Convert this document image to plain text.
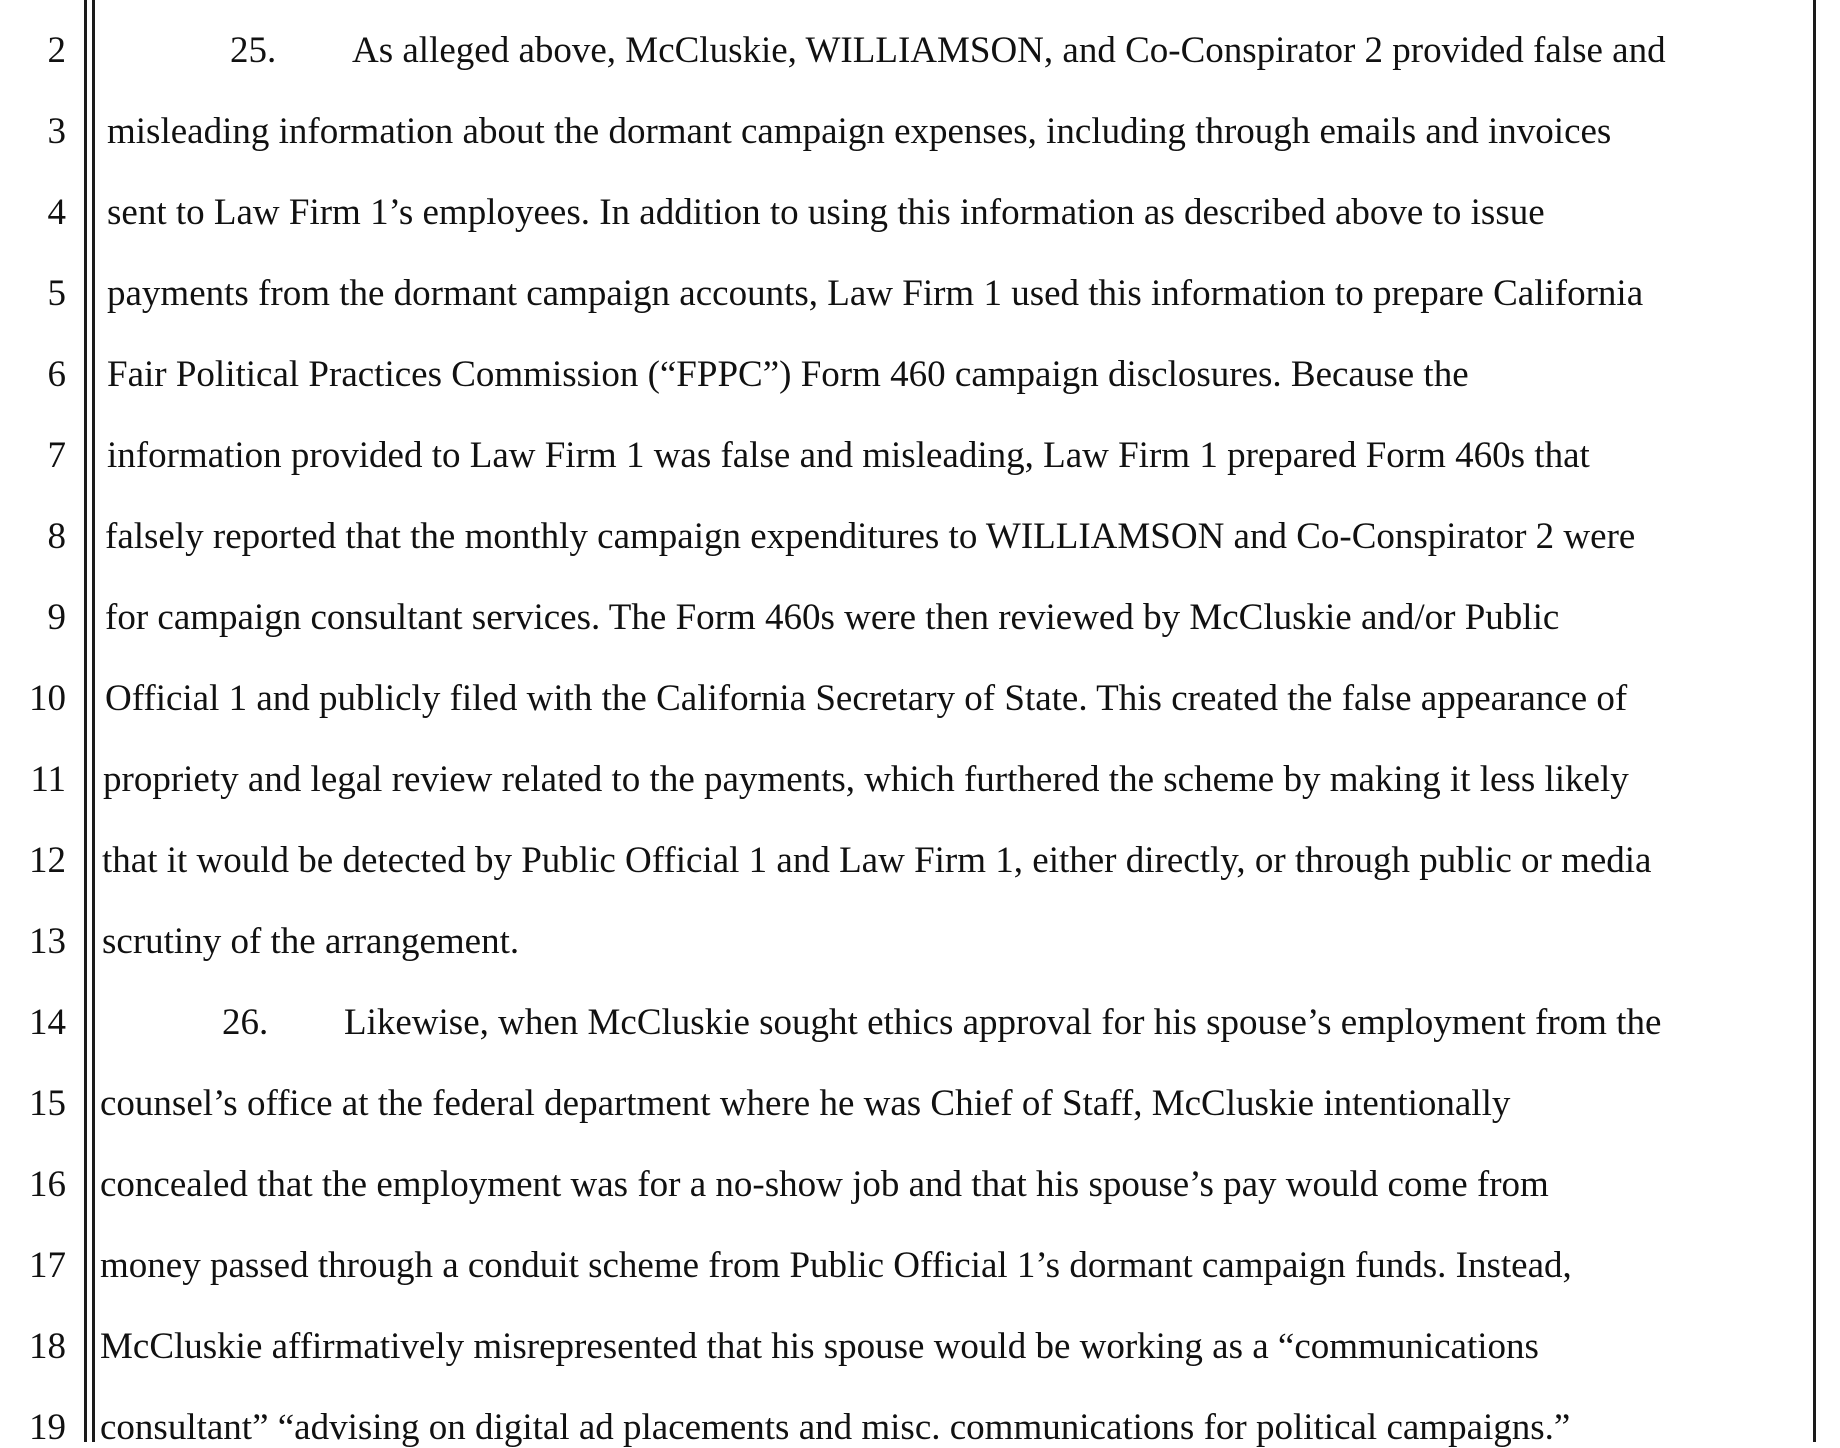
2
3
4
5
6
7
8
9
10
11
12
13
14
15
16
17
18
19
25. As alleged above, McCluskie, WILLIAMSON, and Co-Conspirator 2 provided false and
misleading information about the dormant campaign expenses, including through emails and invoices
sent to Law Firm 1’s employees. In addition to using this information as described above to issue
payments from the dormant campaign accounts, Law Firm 1 used this information to prepare California
Fair Political Practices Commission (“FPPC”) Form 460 campaign disclosures. Because the
information provided to Law Firm 1 was false and misleading, Law Firm 1 prepared Form 460s that
falsely reported that the monthly campaign expenditures to WILLIAMSON and Co-Conspirator 2 were
for campaign consultant services. The Form 460s were then reviewed by McCluskie and/or Public
Official 1 and publicly filed with the California Secretary of State. This created the false appearance of
propriety and legal review related to the payments, which furthered the scheme by making it less likely
that it would be detected by Public Official 1 and Law Firm 1, either directly, or through public or media
scrutiny of the arrangement.
26. Likewise, when McCluskie sought ethics approval for his spouse’s employment from the
counsel’s office at the federal department where he was Chief of Staff, McCluskie intentionally
concealed that the employment was for a no-show job and that his spouse’s pay would come from
money passed through a conduit scheme from Public Official 1’s dormant campaign funds. Instead,
McCluskie affirmatively misrepresented that his spouse would be working as a “communications
consultant” “advising on digital ad placements and misc. communications for political campaigns.”
